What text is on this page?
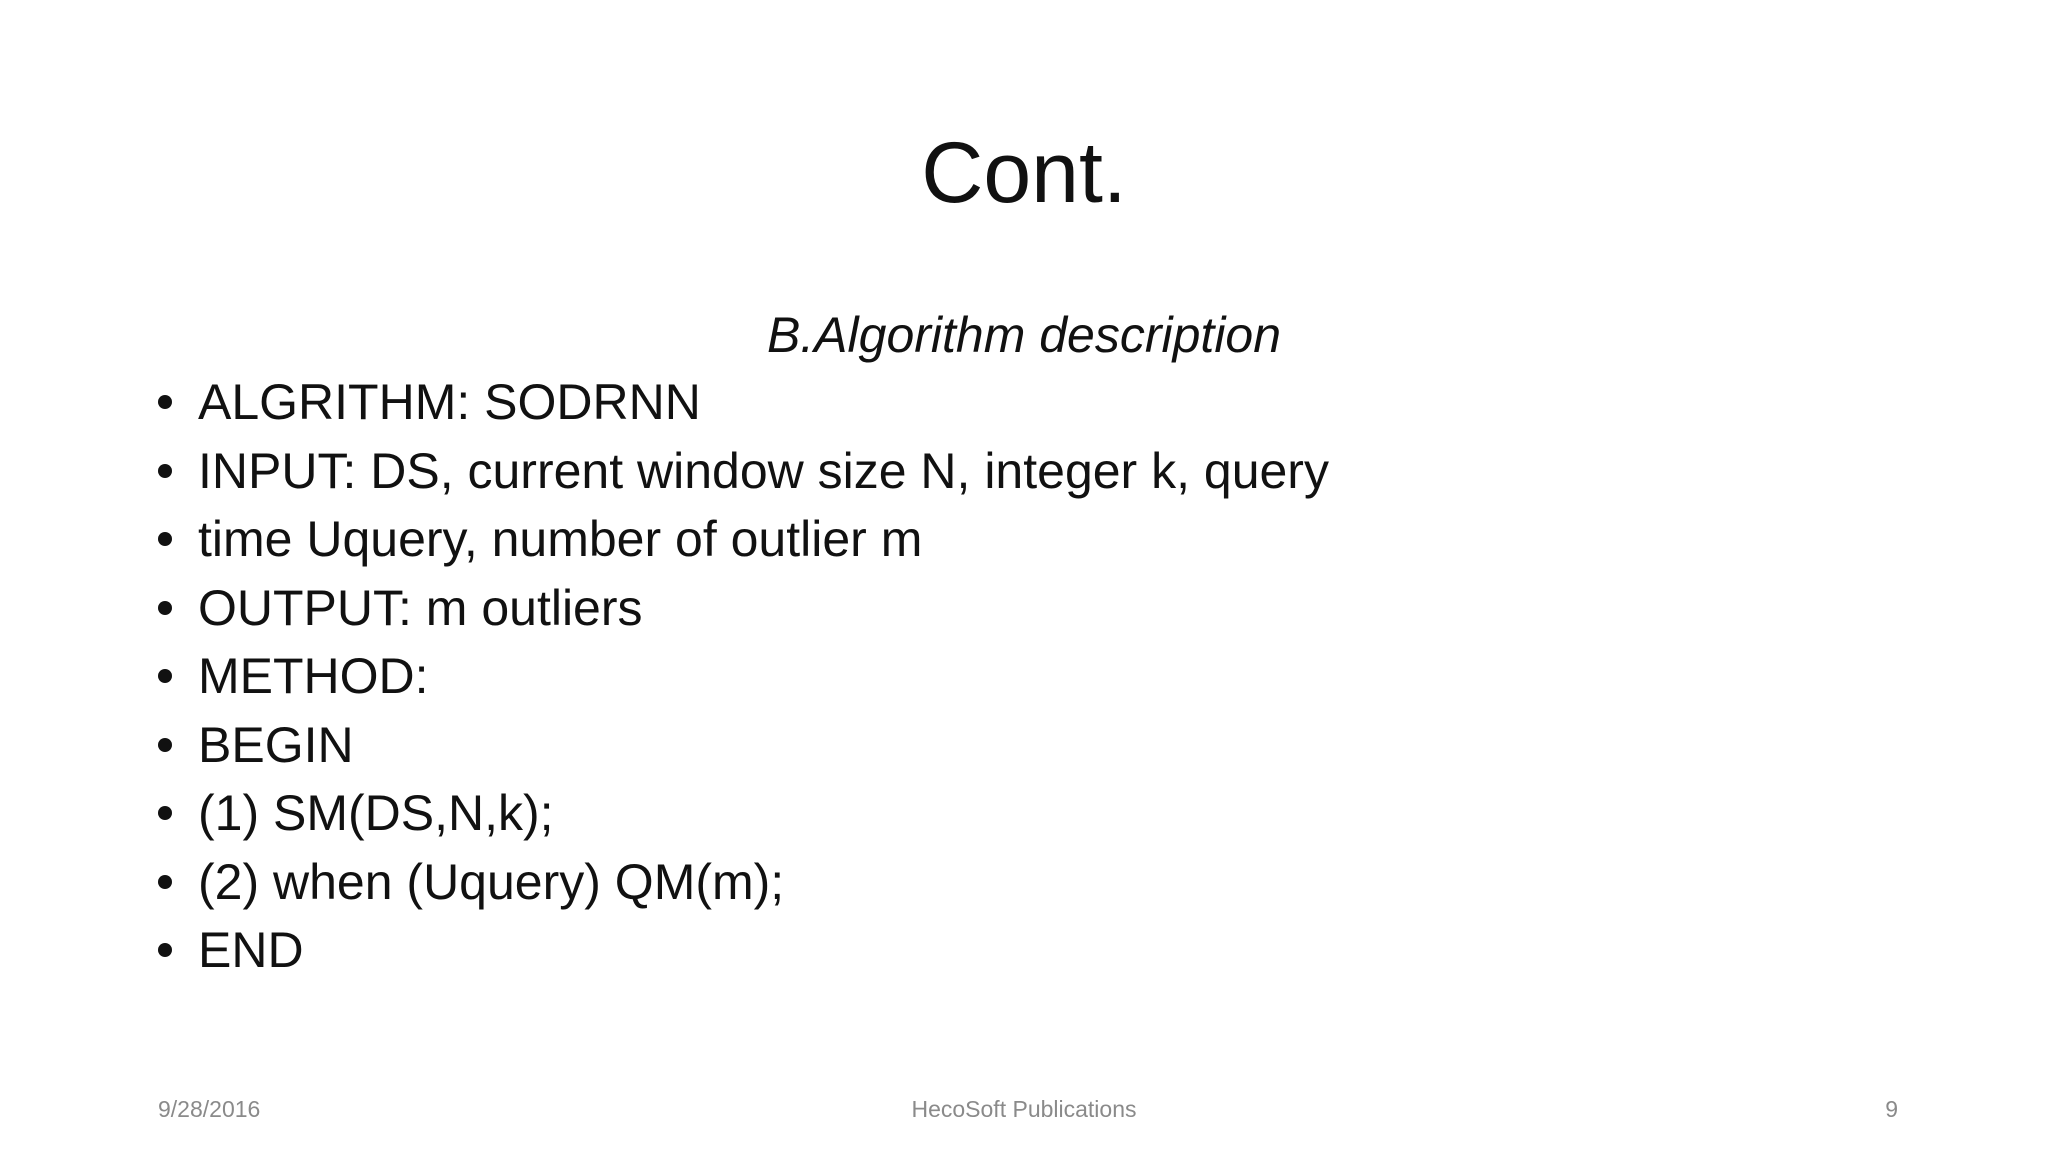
Cont.
B.Algorithm description
ALGRITHM: SODRNN
INPUT: DS, current window size N, integer k, query
time Uquery, number of outlier m
OUTPUT: m outliers
METHOD:
BEGIN
(1) SM(DS,N,k);
(2) when (Uquery) QM(m);
END
9/28/2016	HecoSoft Publications	9
